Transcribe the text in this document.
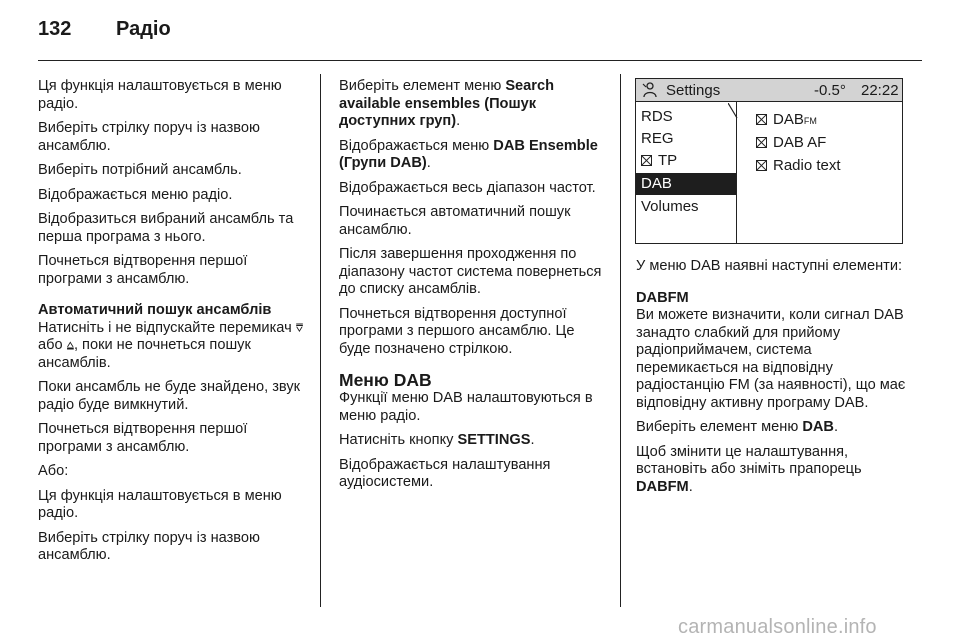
132 Радіо
Ця функція налаштовується в меню радіо.
Виберіть стрілку поруч із назвою ансамблю.
Виберіть потрібний ансамбль.
Відображається меню радіо.
Відобразиться вибраний ансамбль та перша програма з нього.
Почнеться відтворення першої програми з ансамблю.
Автоматичний пошук ансамблів
Натисніть і не відпускайте перемикач ⩢ або ⩠, поки не почнеться пошук ансамблів.
Поки ансамбль не буде знайдено, звук радіо буде вимкнутий.
Почнеться відтворення першої програми з ансамблю.
Або:
Ця функція налаштовується в меню радіо.
Виберіть стрілку поруч із назвою ансамблю.
Виберіть елемент меню Search available ensembles (Пошук доступних груп).
Відображається меню DAB Ensemble (Групи DAB).
Відображається весь діапазон частот.
Починається автоматичний пошук ансамблю.
Після завершення проходження по діапазону частот система повернеться до списку ансамблів.
Почнеться відтворення доступної програми з першого ансамблю. Це буде позначено стрілкою.
Меню DAB
Функції меню DAB налаштовуються в меню радіо.
Натисніть кнопку SETTINGS.
Відображається налаштування аудіосистеми.
Settings	-0.5° 22:22
RDS
REG
TP
DAB
Volumes
DABFM
DAB AF
Radio text
У меню DAB наявні наступні елементи:
DABFM
Ви можете визначити, коли сигнал DAB занадто слабкий для прийому радіоприймачем, система перемикається на відповідну радіостанцію FM (за наявності), що має відповідну активну програму DAB.
Виберіть елемент меню DAB.
Щоб змінити це налаштування, встановіть або зніміть прапорець DABFM.
carmanualsonline.info
